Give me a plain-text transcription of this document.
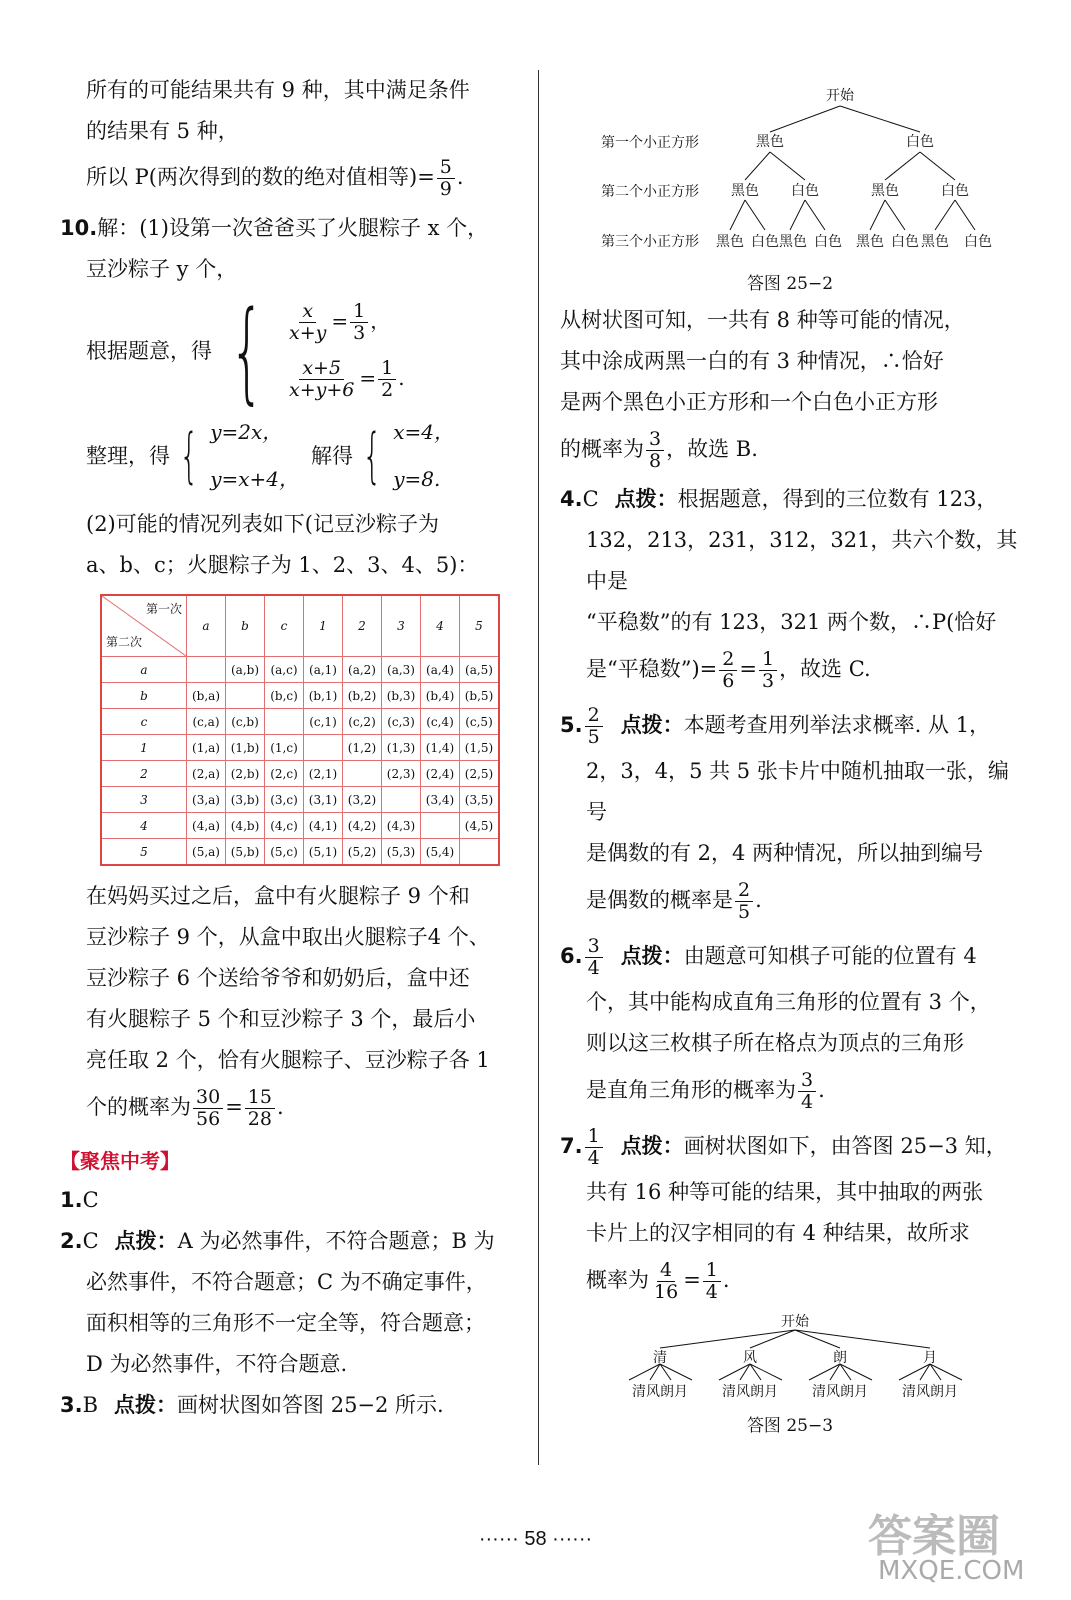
所有的可能结果共有 9 种，其中满足条件

的结果有 5 种，

所以 P(两次得到的数的绝对值相等)= $\frac{5}{9}$ .

10.解：(1)设第一次爸爸买了火腿粽子 x 个，

豆沙粽子 y 个，

根据题意，得 { $\frac{x}{x+y} = \frac{1}{3}$ ，
$\frac{x+5}{x+y+6} = \frac{1}{2}$ .
整理，得 { y=2x，
y=x+4，
解得 { x=4，
y=8.

(2)可能的情况列表如下(记豆沙粽子为

a、b、c；火腿粽子为 1、2、3、4、5)：

第一次
第二次	a	b	c	1	2	3	4	5
a		(a,b)	(a,c)	(a,1)	(a,2)	(a,3)	(a,4)	(a,5)
b	(b,a)		(b,c)	(b,1)	(b,2)	(b,3)	(b,4)	(b,5)
c	(c,a)	(c,b)		(c,1)	(c,2)	(c,3)	(c,4)	(c,5)
1	(1,a)	(1,b)	(1,c)		(1,2)	(1,3)	(1,4)	(1,5)
2	(2,a)	(2,b)	(2,c)	(2,1)		(2,3)	(2,4)	(2,5)
3	(3,a)	(3,b)	(3,c)	(3,1)	(3,2)		(3,4)	(3,5)
4	(4,a)	(4,b)	(4,c)	(4,1)	(4,2)	(4,3)		(4,5)
5	(5,a)	(5,b)	(5,c)	(5,1)	(5,2)	(5,3)	(5,4)	

在妈妈买过之后，盒中有火腿粽子 9 个和

豆沙粽子 9 个，从盒中取出火腿粽子4 个、

豆沙粽子 6 个送给爷爷和奶奶后，盒中还

有火腿粽子 5 个和豆沙粽子 3 个，最后小

亮任取 2 个，恰有火腿粽子、豆沙粽子各 1

个的概率为 $\frac{30}{56} = \frac{15}{28}$ .

【聚焦中考】

1.C

2.C 点拨：A 为必然事件，不符合题意；B 为

必然事件，不符合题意；C 为不确定事件，

面积相等的三角形不一定全等，符合题意；

D 为必然事件，不符合题意.

3.B 点拨：画树状图如答图 25−2 所示.

开始
第一个小正方形
第二个小正方形
第三个小正方形
黑色	白色
黑色 白色	黑色	白色
黑色 白色 黑色 白色 黑色 白色 黑色 白色
答图 25−2

从树状图可知，一共有 8 种等可能的情况，

其中涂成两黑一白的有 3 种情况，∴恰好

是两个黑色小正方形和一个白色小正方形

的概率为 $\frac{3}{8}$ ，故选 B.

4.C 点拨：根据题意，得到的三位数有 123，

132，213，231，312，321，共六个数，其中是

“平稳数”的有 123，321 两个数，∴P(恰好

是“平稳数”)= $\frac{2}{6} = \frac{1}{3}$ ，故选 C.

5. $\frac{2}{5}$ 点拨：本题考查用列举法求概率. 从 1，

2，3，4，5 共 5 张卡片中随机抽取一张，编号

是偶数的有 2，4 两种情况，所以抽到编号

是偶数的概率是 $\frac{2}{5}$ .

6. $\frac{3}{4}$ 点拨：由题意可知棋子可能的位置有 4

个，其中能构成直角三角形的位置有 3 个，

则以这三枚棋子所在格点为顶点的三角形

是直角三角形的概率为 $\frac{3}{4}$ .

7. $\frac{1}{4}$ 点拨：画树状图如下，由答图 25−3 知，

共有 16 种等可能的结果，其中抽取的两张

卡片上的汉字相同的有 4 种结果，故所求

概率为 $\frac{4}{16} = \frac{1}{4}$ .

开始
清	风	朗	月
清风朗月 清风朗月 清风朗月 清风朗月
答图 25−3
······ 58 ······	答案圈
MXQE.COM
